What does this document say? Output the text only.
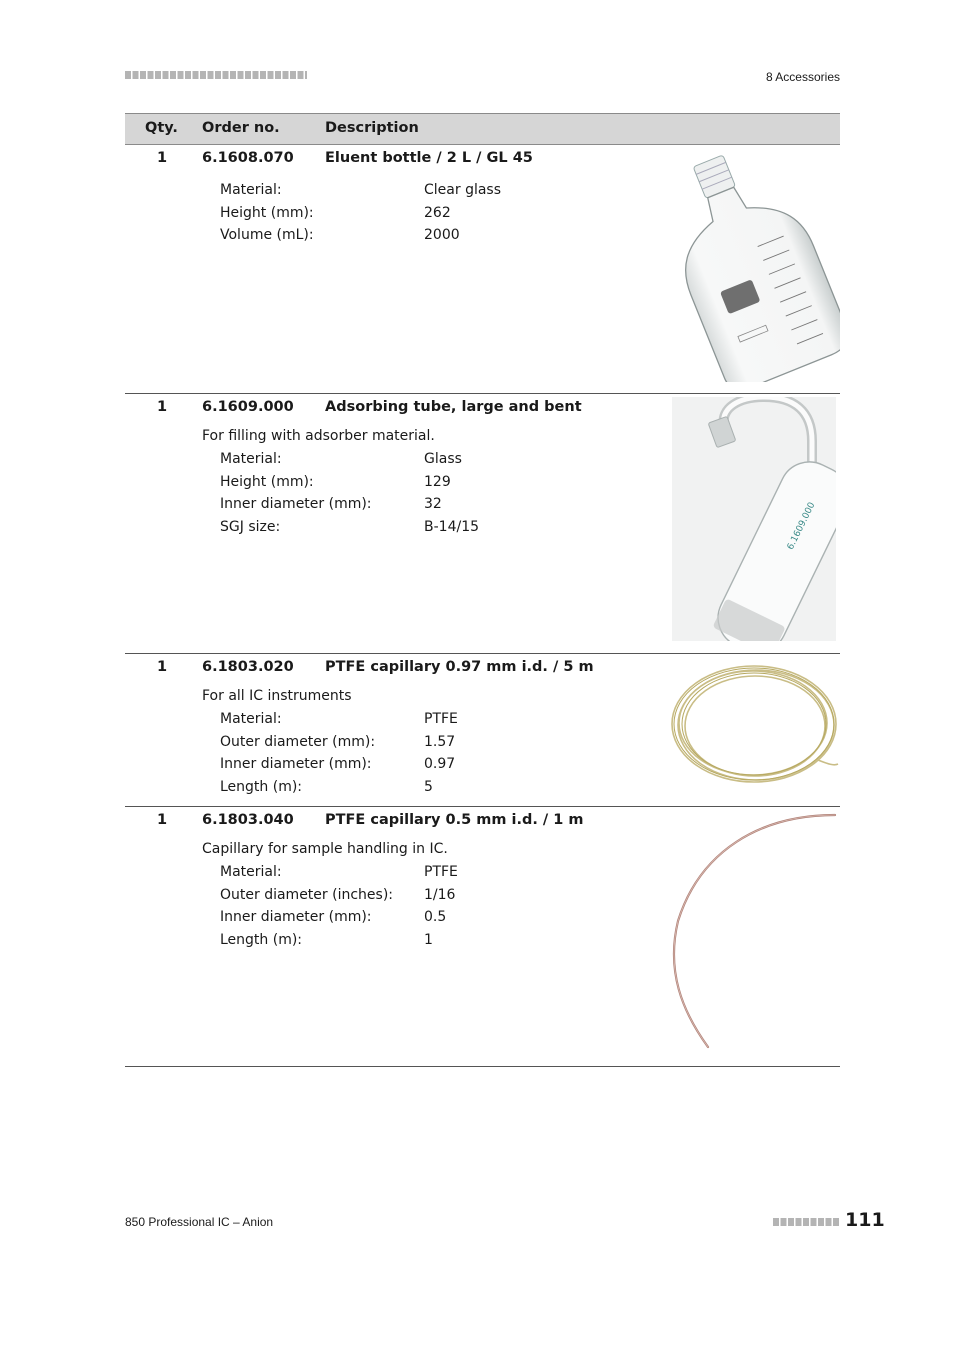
8 Accessories
Qty. Order no.	Description
1 6.1608.070 Eluent bottle / 2 L / GL 45
Material:	Clear glass
Height (mm):	262
Volume (mL):	2000
1 6.1609.000 Adsorbing tube, large and bent
For filling with adsorber material.
Material:	Glass
Height (mm):	129
Inner diameter (mm):	32
SGJ size:	B-14/15	6.1609.000
1 6.1803.020 PTFE capillary 0.97 mm i.d. / 5 m
For all IC instruments
Material:	PTFE
Outer diameter (mm):	1.57
Inner diameter (mm):	0.97
Length (m):	5
1 6.1803.040 PTFE capillary 0.5 mm i.d. / 1 m
Capillary for sample handling in IC.
Material:	PTFE
Outer diameter (inches): 1/16
Inner diameter (mm):	0.5
Length (m):	1
850 Professional IC – Anion	111
